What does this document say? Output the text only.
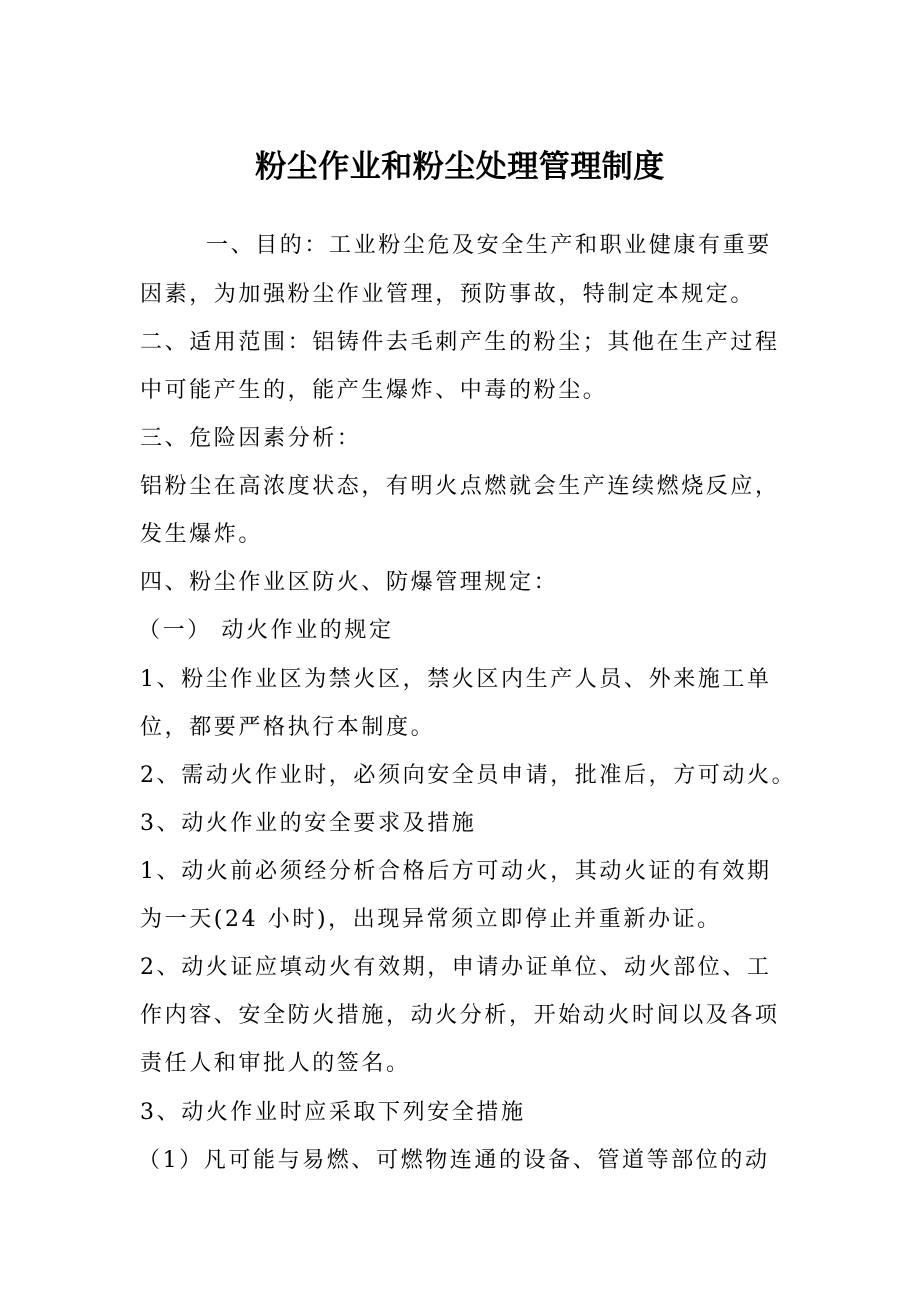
粉尘作业和粉尘处理管理制度
一、目的：工业粉尘危及安全生产和职业健康有重要
因素，为加强粉尘作业管理，预防事故，特制定本规定。
二、适用范围：铝铸件去毛刺产生的粉尘；其他在生产过程
中可能产生的，能产生爆炸、中毒的粉尘。
三、危险因素分析：
铝粉尘在高浓度状态，有明火点燃就会生产连续燃烧反应，
发生爆炸。
四、粉尘作业区防火、防爆管理规定：
（一） 动火作业的规定
1、粉尘作业区为禁火区，禁火区内生产人员、外来施工单
位，都要严格执行本制度。
2、需动火作业时，必须向安全员申请，批准后，方可动火。
3、动火作业的安全要求及措施
1、动火前必须经分析合格后方可动火，其动火证的有效期
为一天(24 小时)，出现异常须立即停止并重新办证。
2、动火证应填动火有效期，申请办证单位、动火部位、工
作内容、安全防火措施，动火分析，开始动火时间以及各项
责任人和审批人的签名。
3、动火作业时应采取下列安全措施
（1）凡可能与易燃、可燃物连通的设备、管道等部位的动
